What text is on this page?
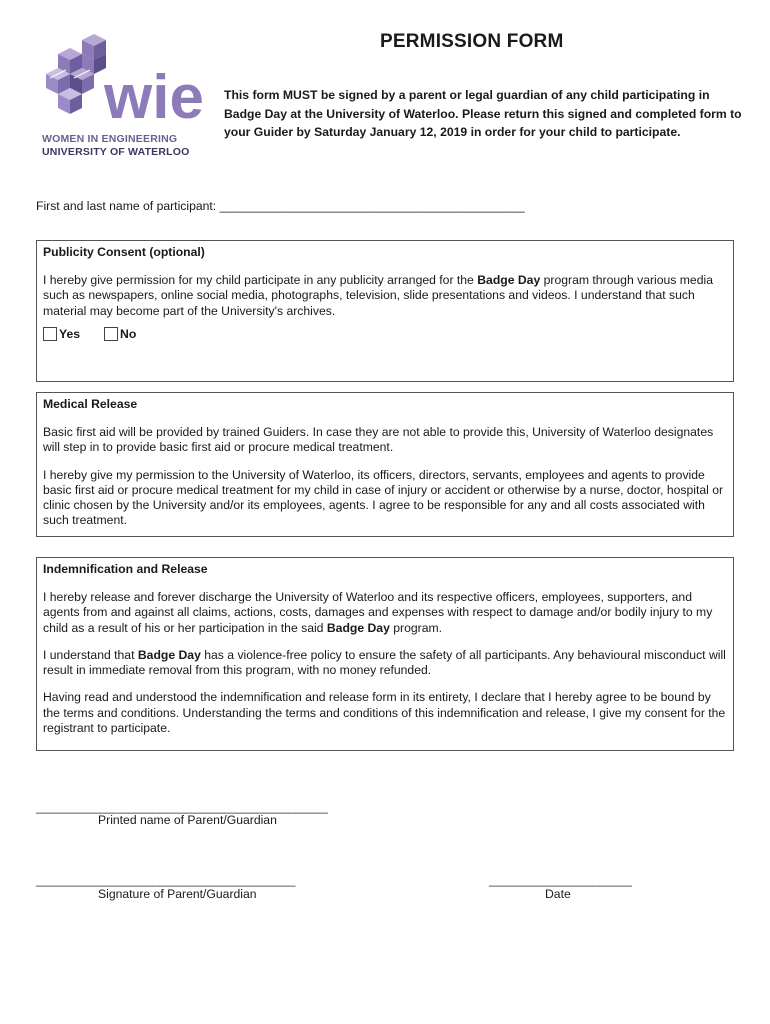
wie
WOMEN IN ENGINEERING
UNIVERSITY OF WATERLOO
PERMISSION FORM
This form MUST be signed by a parent or legal guardian of any child participating in Badge Day at the University of Waterloo. Please return this signed and completed form to your Guider by Saturday January 12, 2019 in order for your child to participate.
First and last name of participant: _____________________________________________
Publicity Consent (optional)

I hereby give permission for my child participate in any publicity arranged for the Badge Day program through various media such as newspapers, online social media, photographs, television, slide presentations and videos. I understand that such material may become part of the University's archives.

Yes	No
Medical Release

Basic first aid will be provided by trained Guiders. In case they are not able to provide this, University of Waterloo designates will step in to provide basic first aid or procure medical treatment.

I hereby give my permission to the University of Waterloo, its officers, directors, servants, employees and agents to provide basic first aid or procure medical treatment for my child in case of injury or accident or otherwise by a nurse, doctor, hospital or clinic chosen by the University and/or its employees, agents. I agree to be responsible for any and all costs associated with such treatment.

Indemnification and Release

I hereby release and forever discharge the University of Waterloo and its respective officers, employees, supporters, and agents from and against all claims, actions, costs, damages and expenses with respect to damage and/or bodily injury to my child as a result of his or her participation in the said Badge Day program.

I understand that Badge Day has a violence-free policy to ensure the safety of all participants. Any behavioural misconduct will result in immediate removal from this program, with no money refunded.

Having read and understood the indemnification and release form in its entirety, I declare that I hereby agree to be bound by the terms and conditions. Understanding the terms and conditions of this indemnification and release, I give my consent for the registrant to participate.

_____________________________________________
Printed name of Parent/Guardian
________________________________________
Signature of Parent/Guardian
______________________
Date
